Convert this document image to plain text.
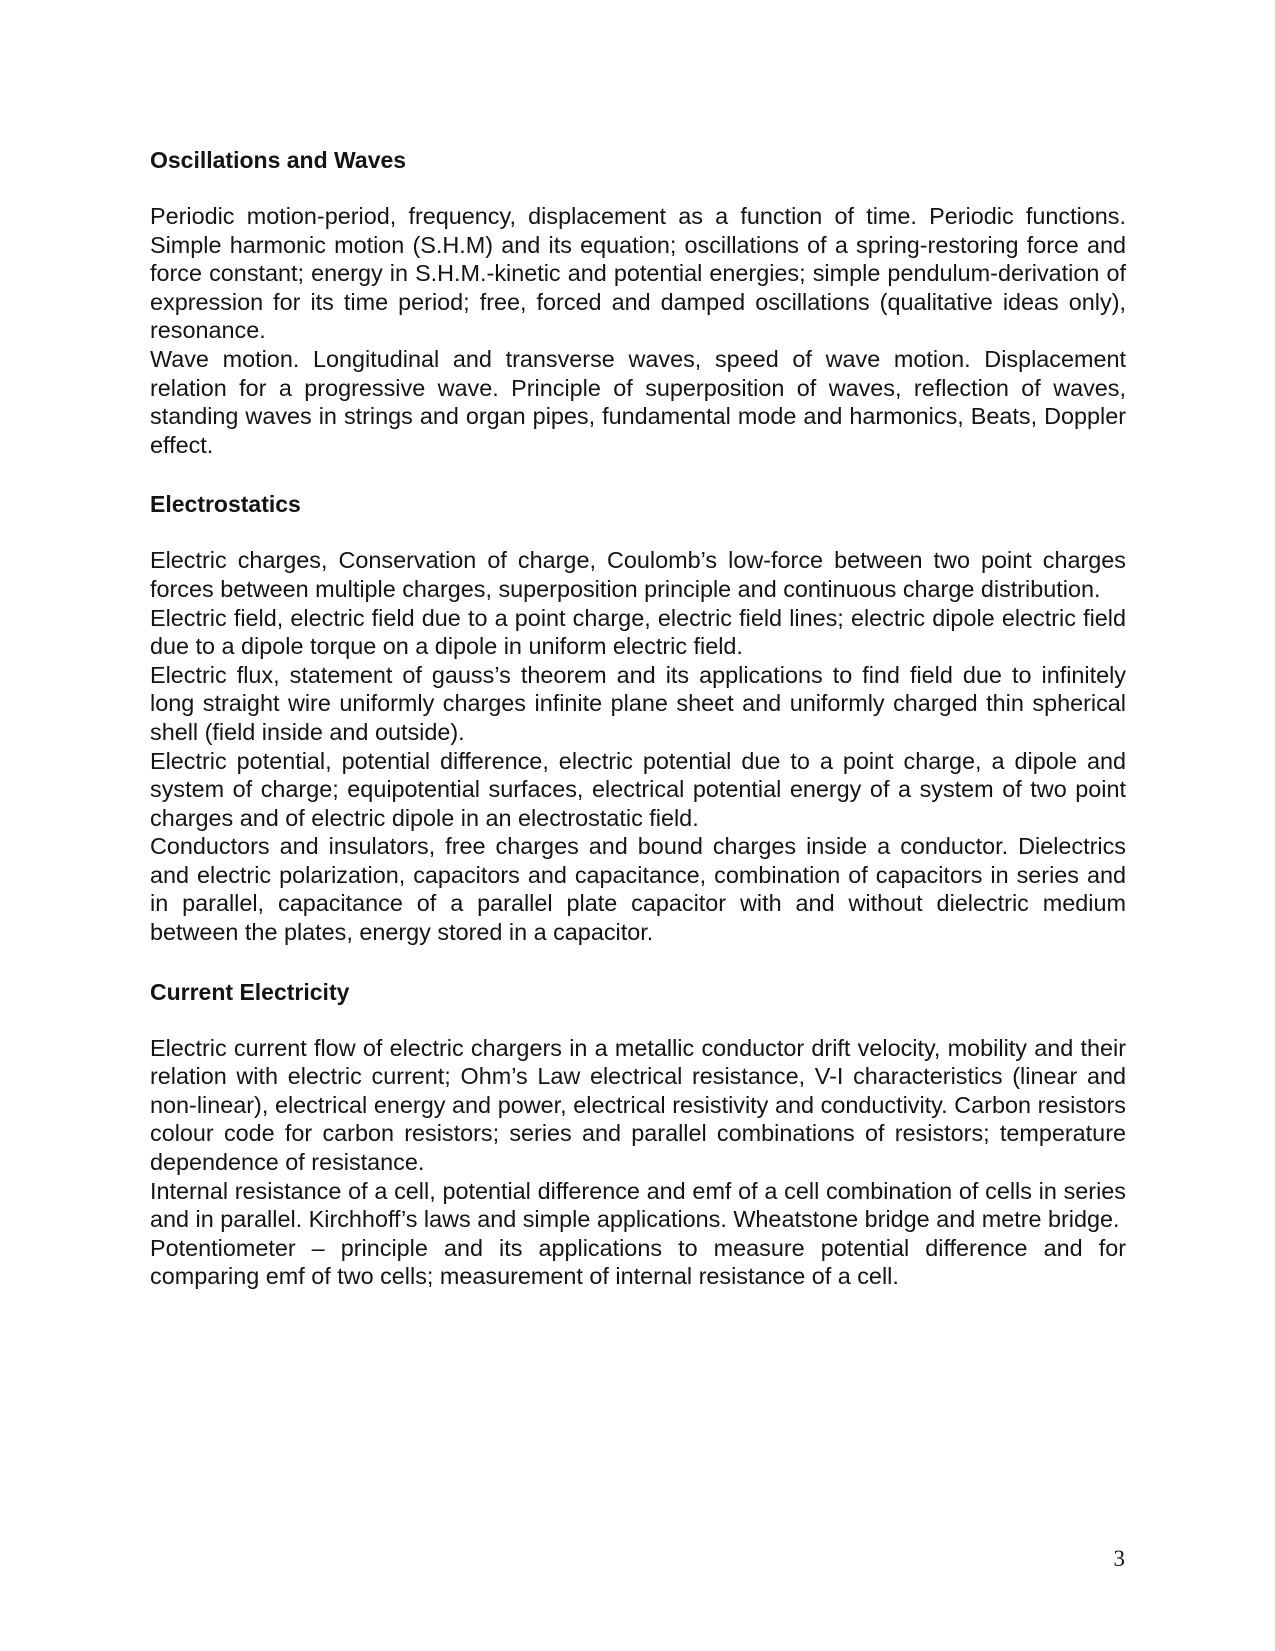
Oscillations and Waves

Periodic motion-period, frequency, displacement as a function of time. Periodic functions. Simple harmonic motion (S.H.M) and its equation; oscillations of a spring-restoring force and force constant; energy in S.H.M.-kinetic and potential energies; simple pendulum-derivation of expression for its time period; free, forced and damped oscillations (qualitative ideas only), resonance.

Wave motion. Longitudinal and transverse waves, speed of wave motion. Displacement relation for a progressive wave. Principle of superposition of waves, reflection of waves, standing waves in strings and organ pipes, fundamental mode and harmonics, Beats, Doppler effect.

Electrostatics

Electric charges, Conservation of charge, Coulomb’s low-force between two point charges forces between multiple charges, superposition principle and continuous charge distribution.

Electric field, electric field due to a point charge, electric field lines; electric dipole electric field due to a dipole torque on a dipole in uniform electric field.

Electric flux, statement of gauss’s theorem and its applications to find field due to infinitely long straight wire uniformly charges infinite plane sheet and uniformly charged thin spherical shell (field inside and outside).

Electric potential, potential difference, electric potential due to a point charge, a dipole and system of charge; equipotential surfaces, electrical potential energy of a system of two point charges and of electric dipole in an electrostatic field.

Conductors and insulators, free charges and bound charges inside a conductor. Dielectrics and electric polarization, capacitors and capacitance, combination of capacitors in series and in parallel, capacitance of a parallel plate capacitor with and without dielectric medium between the plates, energy stored in a capacitor.

Current Electricity

Electric current flow of electric chargers in a metallic conductor drift velocity, mobility and their relation with electric current; Ohm’s Law electrical resistance, V-I characteristics (linear and non-linear), electrical energy and power, electrical resistivity and conductivity. Carbon resistors colour code for carbon resistors; series and parallel combinations of resistors; temperature dependence of resistance.

Internal resistance of a cell, potential difference and emf of a cell combination of cells in series and in parallel. Kirchhoff’s laws and simple applications. Wheatstone bridge and metre bridge.

Potentiometer – principle and its applications to measure potential difference and for comparing emf of two cells; measurement of internal resistance of a cell.

3
